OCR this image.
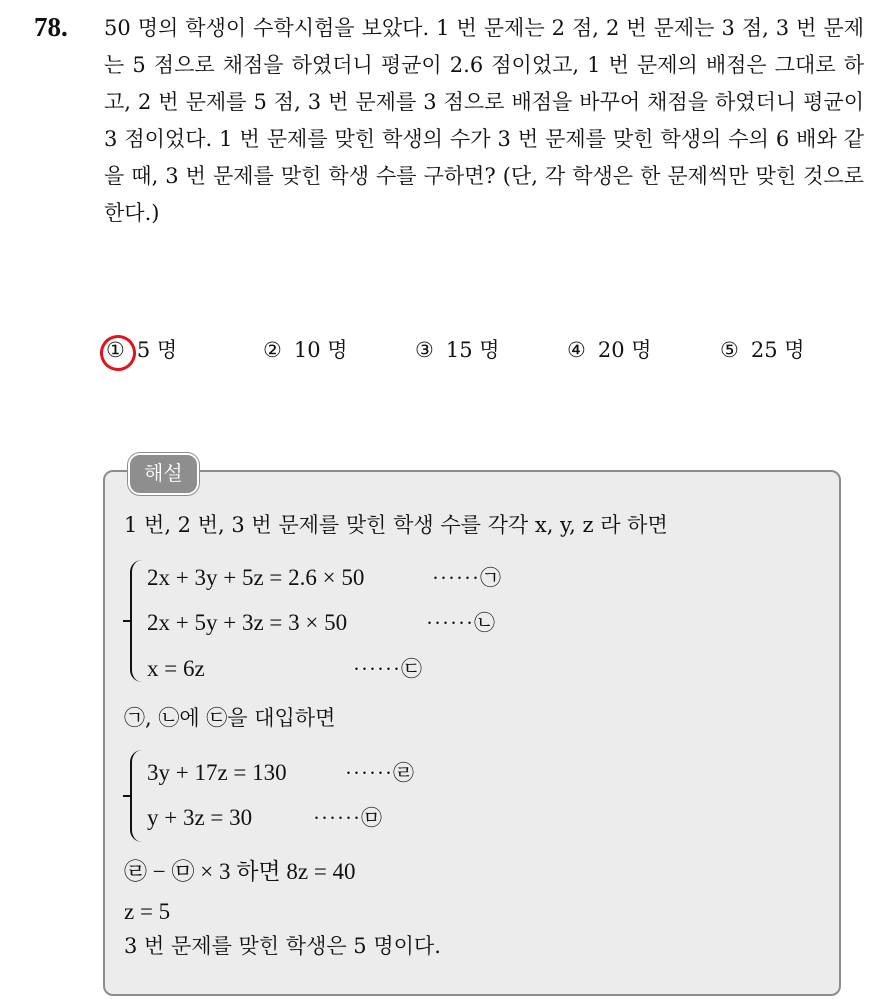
78. 50 명의 학생이 수학시험을 보았다. 1 번 문제는 2 점, 2 번 문제는 3 점, 3 번 문제는 5 점으로 채점을 하였더니 평균이 2.6 점이었고, 1 번 문제의 배점은 그대로 하고, 2 번 문제를 5 점, 3 번 문제를 3 점으로 배점을 바꾸어 채점을 하였더니 평균이 3 점이었다. 1 번 문제를 맞힌 학생의 수가 3 번 문제를 맞힌 학생의 수의 6 배와 같을 때, 3 번 문제를 맞힌 학생 수를 구하면? (단, 각 학생은 한 문제씩만 맞힌 것으로 한다.)

① 5 명	② 10 명	③ 15 명	④ 20 명	⑤ 25 명
해설
1 번, 2 번, 3 번 문제를 맞힌 학생 수를 각각 x, y, z 라 하면
2x + 3y + 5z = 2.6 × 50	······㉠
2x + 5y + 3z = 3 × 50	······㉡
x = 6z	······㉢
㉠, ㉡에 ㉢을 대입하면
3y + 17z = 130	······㉣
y + 3z = 30	······㉤
㉣ − ㉤ × 3 하면 8z = 40
z = 5
3 번 문제를 맞힌 학생은 5 명이다.
